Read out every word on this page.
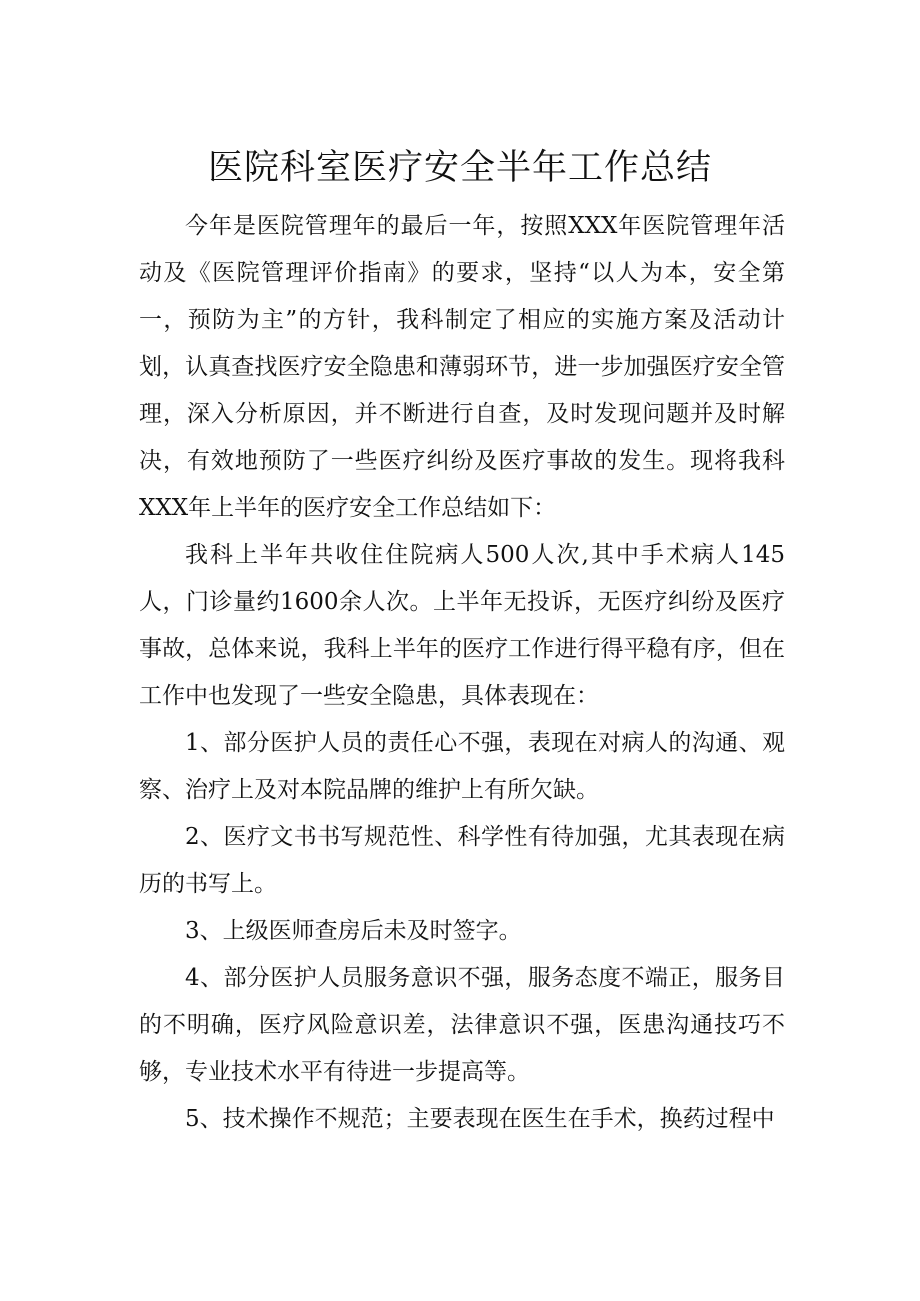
医院科室医疗安全半年工作总结

今年是医院管理年的最后一年，按照XXX年医院管理年活动及《医院管理评价指南》的要求，坚持“以人为本，安全第一，预防为主”的方针，我科制定了相应的实施方案及活动计划，认真查找医疗安全隐患和薄弱环节，进一步加强医疗安全管理，深入分析原因，并不断进行自查，及时发现问题并及时解决，有效地预防了一些医疗纠纷及医疗事故的发生。现将我科XXX年上半年的医疗安全工作总结如下：

我科上半年共收住住院病人500人次,其中手术病人145人，门诊量约1600余人次。上半年无投诉，无医疗纠纷及医疗事故，总体来说，我科上半年的医疗工作进行得平稳有序，但在工作中也发现了一些安全隐患，具体表现在：

1、部分医护人员的责任心不强，表现在对病人的沟通、观察、治疗上及对本院品牌的维护上有所欠缺。

2、医疗文书书写规范性、科学性有待加强，尤其表现在病历的书写上。

3、上级医师查房后未及时签字。

4、部分医护人员服务意识不强，服务态度不端正，服务目的不明确，医疗风险意识差，法律意识不强，医患沟通技巧不够，专业技术水平有待进一步提高等。

5、技术操作不规范；主要表现在医生在手术，换药过程中
